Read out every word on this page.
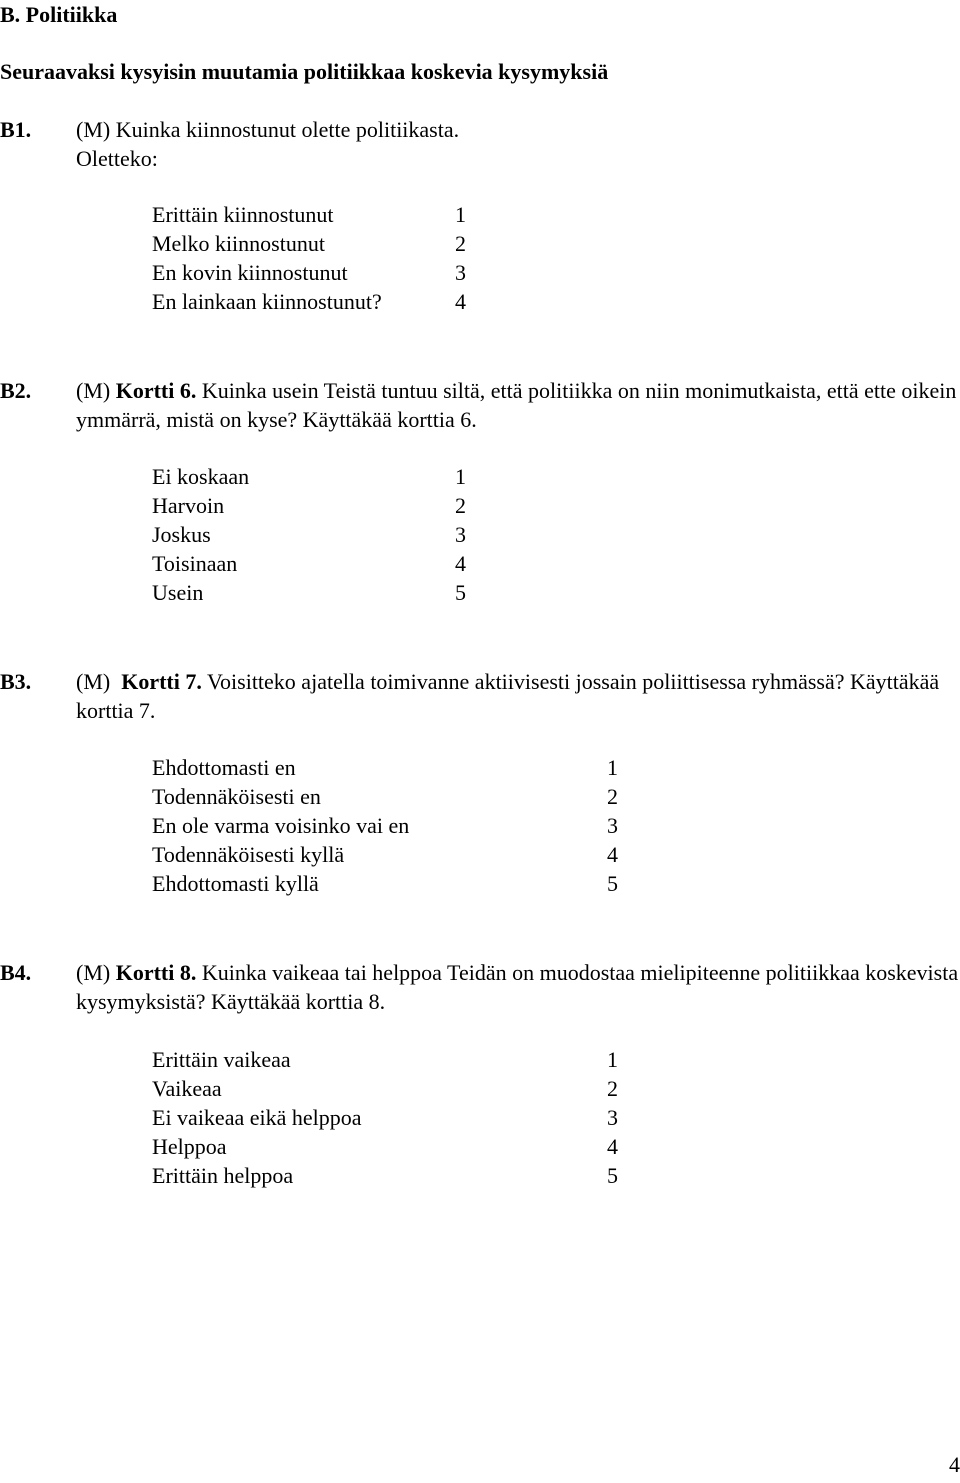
B. Politiikka
Seuraavaksi kysyisin muutamia politiikkaa koskevia kysymyksiä
B1. (M) Kuinka kiinnostunut olette politiikasta.
Oletteko:
Erittäin kiinnostunut	1
Melko kiinnostunut	2
En kovin kiinnostunut	3
En lainkaan kiinnostunut?	4
B2. (M) Kortti 6. Kuinka usein Teistä tuntuu siltä, että politiikka on niin monimutkaista, että ette oikein ymmärrä, mistä on kyse? Käyttäkää korttia 6.
Ei koskaan	1
Harvoin	2
Joskus	3
Toisinaan	4
Usein	5
B3. (M) Kortti 7. Voisitteko ajatella toimivanne aktiivisesti jossain poliittisessa ryhmässä? Käyttäkää korttia 7.
Ehdottomasti en	1
Todennäköisesti en	2
En ole varma voisinko vai en	3
Todennäköisesti kyllä	4
Ehdottomasti kyllä	5
B4. (M) Kortti 8. Kuinka vaikeaa tai helppoa Teidän on muodostaa mielipiteenne politiikkaa koskevista kysymyksistä? Käyttäkää korttia 8.
Erittäin vaikeaa	1
Vaikeaa	2
Ei vaikeaa eikä helppoa	3
Helppoa	4
Erittäin helppoa	5
4
